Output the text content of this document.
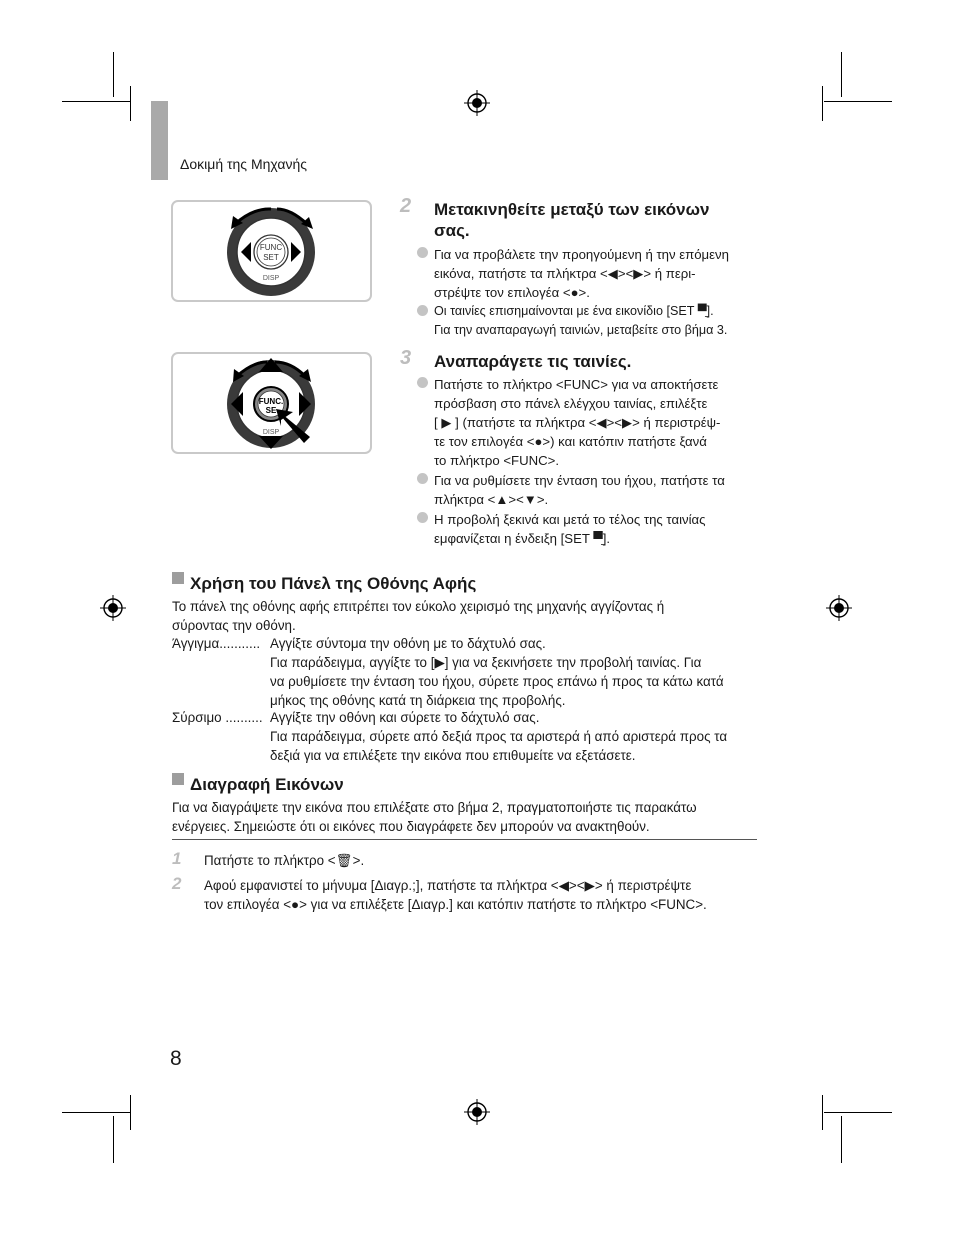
Δοκιμή της Μηχανής
FUNC
SET
DISP
FUNC.
SE
DISP
2 Μετακινηθείτε μεταξύ των εικόνων
σας.
Για να προβάλετε την προηγούμενη ή την επόμενη
εικόνα, πατήστε τα πλήκτρα <◀><▶> ή περι-
στρέψτε τον επιλογέα <●>.
Οι ταινίες επισημαίνονται με ένα εικονίδιο [SET ▀̱].
Για την αναπαραγωγή ταινιών, μεταβείτε στο βήμα 3.
3 Αναπαράγετε τις ταινίες.
Πατήστε το πλήκτρο <FUNC> για να αποκτήσετε
πρόσβαση στο πάνελ ελέγχου ταινίας, επιλέξτε
[ ▶ ] (πατήστε τα πλήκτρα <◀><▶> ή περιστρέψ-
τε τον επιλογέα <●>) και κατόπιν πατήστε ξανά
το πλήκτρο <FUNC>.
Για να ρυθμίσετε την ένταση του ήχου, πατήστε τα
πλήκτρα <▲><▼>.
Η προβολή ξεκινά και μετά το τέλος της ταινίας
εμφανίζεται η ένδειξη [SET ▀̱].
Χρήση του Πάνελ της Οθόνης Αφής
Το πάνελ της οθόνης αφής επιτρέπει τον εύκολο χειρισμό της μηχανής αγγίζοντας ή
σύροντας την οθόνη.
Άγγιγμα........... Αγγίξτε σύντομα την οθόνη με το δάχτυλό σας.
Για παράδειγμα, αγγίξτε το [▶] για να ξεκινήσετε την προβολή ταινίας. Για
να ρυθμίσετε την ένταση του ήχου, σύρετε προς επάνω ή προς τα κάτω κατά
μήκος της οθόνης κατά τη διάρκεια της προβολής.
Σύρσιμο .......... Αγγίξτε την οθόνη και σύρετε το δάχτυλό σας.
Για παράδειγμα, σύρετε από δεξιά προς τα αριστερά ή από αριστερά προς τα
δεξιά για να επιλέξετε την εικόνα που επιθυμείτε να εξετάσετε.
Διαγραφή Εικόνων
Για να διαγράψετε την εικόνα που επιλέξατε στο βήμα 2, πραγματοποιήστε τις παρακάτω
ενέργειες. Σημειώστε ότι οι εικόνες που διαγράφετε δεν μπορούν να ανακτηθούν.
1 Πατήστε το πλήκτρο <🗑>.
2 Αφού εμφανιστεί το μήνυμα [Διαγρ.;], πατήστε τα πλήκτρα <◀><▶> ή περιστρέψτε
τον επιλογέα <●> για να επιλέξετε [Διαγρ.] και κατόπιν πατήστε το πλήκτρο <FUNC>.
8
